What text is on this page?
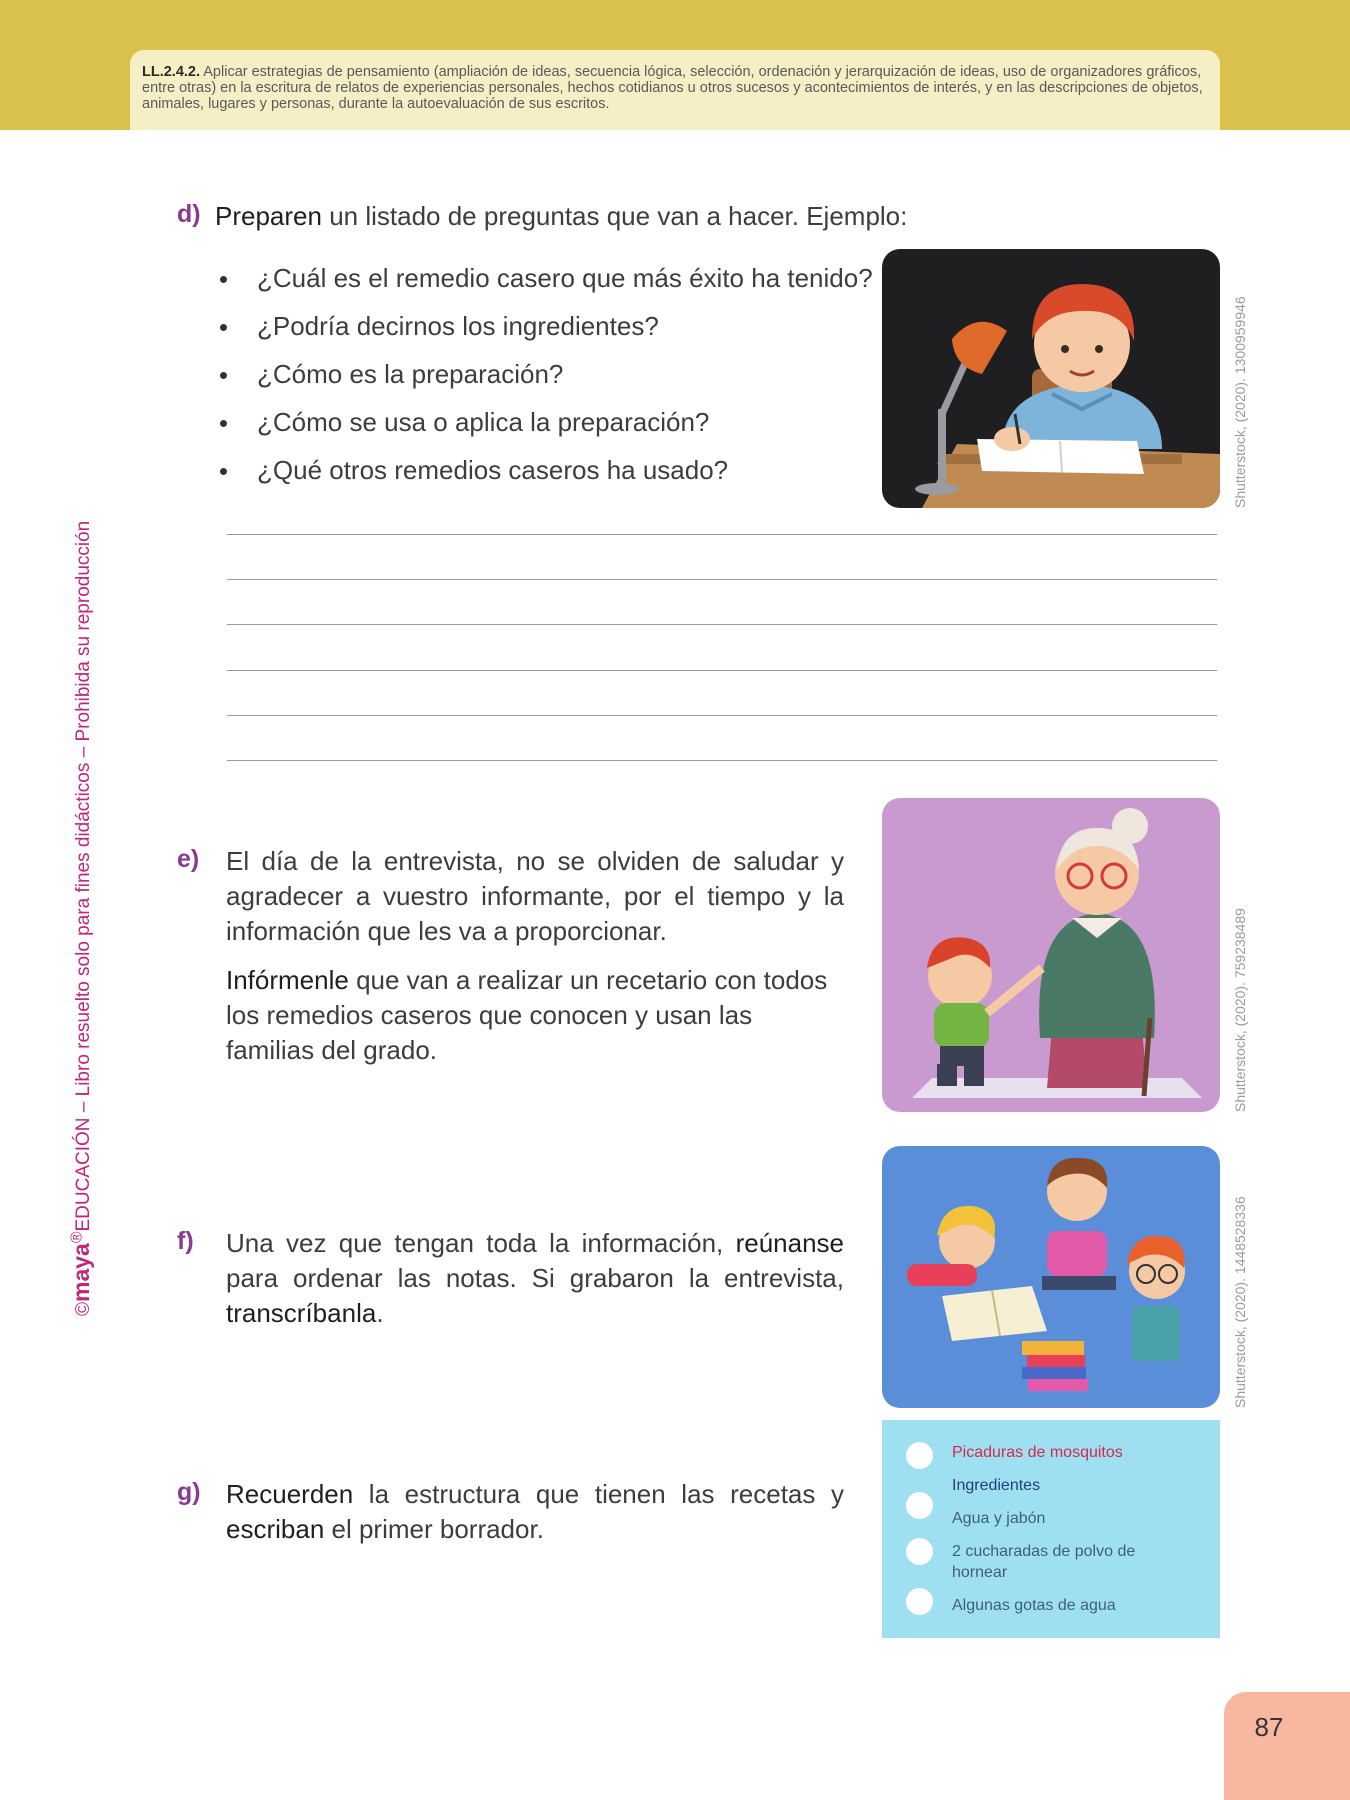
LL.2.4.2. Aplicar estrategias de pensamiento (ampliación de ideas, secuencia lógica, selección, ordenación y jerarquización de ideas, uso de organizadores gráficos, entre otras) en la escritura de relatos de experiencias personales, hechos cotidianos u otros sucesos y acontecimientos de interés, y en las descripciones de objetos, animales, lugares y personas, durante la autoevaluación de sus escritos.
©maya®EDUCACIÓN – Libro resuelto solo para fines didácticos – Prohibida su reproducción
d) Preparen un listado de preguntas que van a hacer. Ejemplo:
¿Cuál es el remedio casero que más éxito ha tenido?
¿Podría decirnos los ingredientes?
¿Cómo es la preparación?
¿Cómo se usa o aplica la preparación?
¿Qué otros remedios caseros ha usado?	Shutterstock, (2020). 1300959946
e) El día de la entrevista, no se olviden de saludar y agradecer a vuestro informante, por el tiempo y la información que les va a proporcionar.
Infórmenle que van a realizar un recetario con todos los remedios caseros que conocen y usan las familias del grado.	Shutterstock, (2020). 759238489
f) Una vez que tengan toda la información, reúnanse para ordenar las notas. Si grabaron la entrevista, transcríbanla.	Shutterstock, (2020). 1448528336
g) Recuerden la estructura que tienen las recetas y escriban el primer borrador.
Picaduras de mosquitos
Ingredientes
Agua y jabón
2 cucharadas de polvo de hornear
Algunas gotas de agua
87
